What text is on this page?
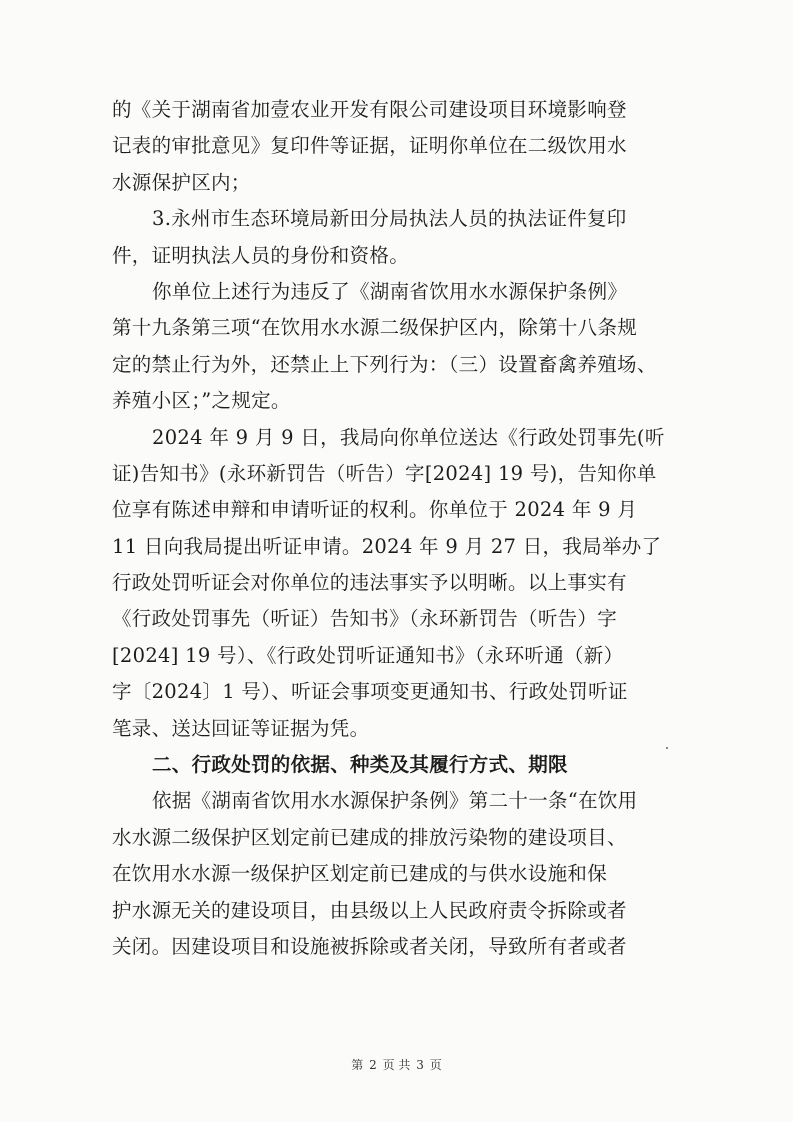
的《关于湖南省加壹农业开发有限公司建设项目环境影响登
记表的审批意见》复印件等证据，证明你单位在二级饮用水
水源保护区内；
3.永州市生态环境局新田分局执法人员的执法证件复印
件，证明执法人员的身份和资格。
你单位上述行为违反了《湖南省饮用水水源保护条例》
第十九条第三项“在饮用水水源二级保护区内，除第十八条规
定的禁止行为外，还禁止上下列行为：（三）设置畜禽养殖场、
养殖小区；”之规定。
2024 年 9 月 9 日，我局向你单位送达《行政处罚事先(听
证)告知书》(永环新罚告（听告）字[2024] 19 号)，告知你单
位享有陈述申辩和申请听证的权利。你单位于 2024 年 9 月
11 日向我局提出听证申请。2024 年 9 月 27 日，我局举办了
行政处罚听证会对你单位的违法事实予以明晰。以上事实有
《行政处罚事先（听证）告知书》（永环新罚告（听告）字
[2024] 19 号）、《行政处罚听证通知书》（永环听通（新）
字〔2024〕1 号）、听证会事项变更通知书、行政处罚听证
笔录、送达回证等证据为凭。
二、行政处罚的依据、种类及其履行方式、期限
依据《湖南省饮用水水源保护条例》第二十一条“在饮用
水水源二级保护区划定前已建成的排放污染物的建设项目、
在饮用水水源一级保护区划定前已建成的与供水设施和保
护水源无关的建设项目，由县级以上人民政府责令拆除或者
关闭。因建设项目和设施被拆除或者关闭，导致所有者或者
第 2 页 共 3 页
